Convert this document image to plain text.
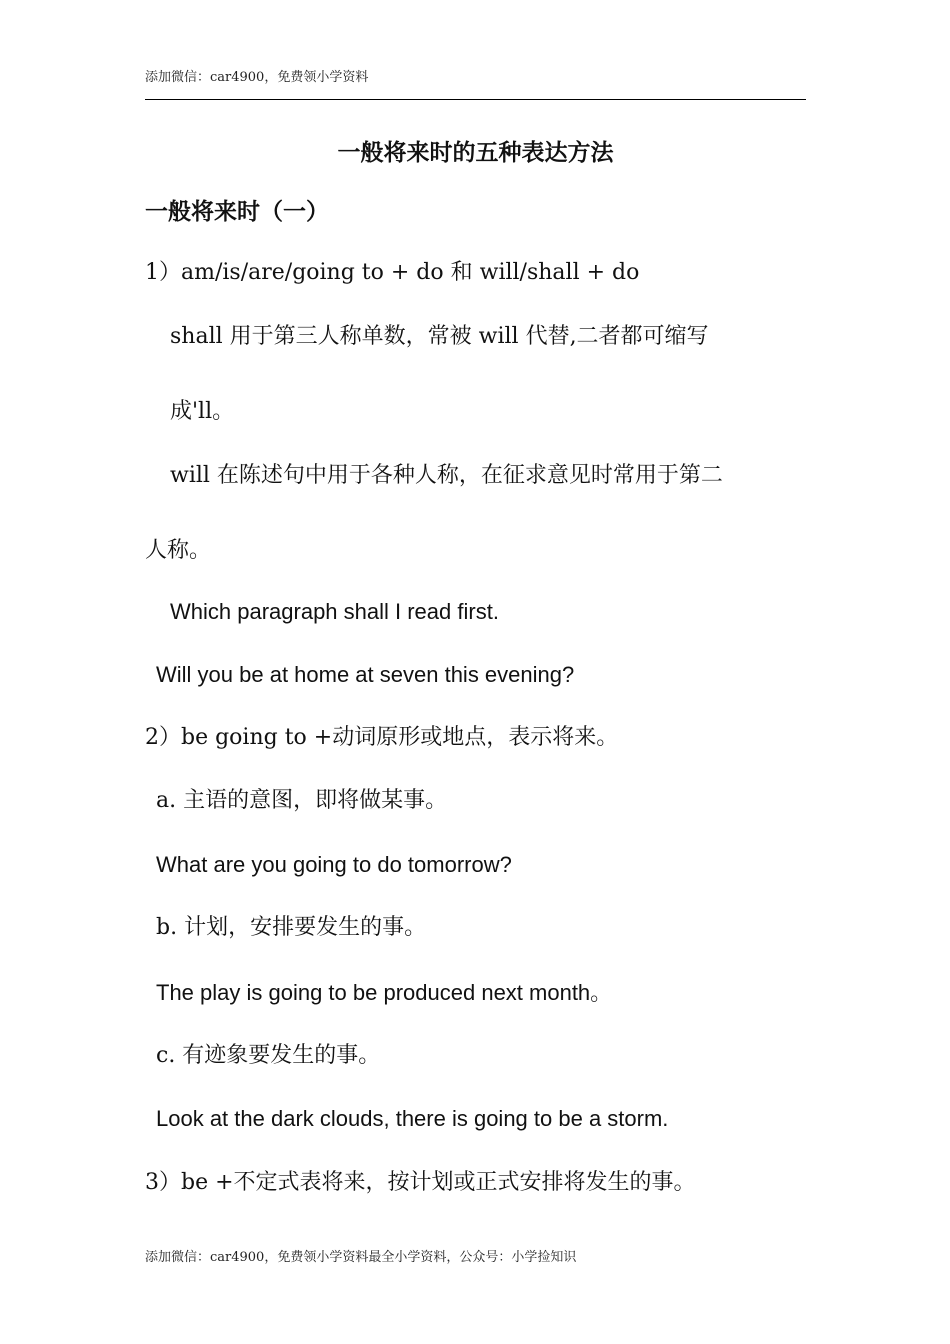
添加微信：car4900，免费领小学资料
一般将来时的五种表达方法
一般将来时（一）
1）am/is/are/going to + do 和 will/shall + do
shall 用于第三人称单数，常被 will 代替,二者都可缩写
成'll。
will 在陈述句中用于各种人称，在征求意见时常用于第二
人称。
Which paragraph shall I read first.
Will you be at home at seven this evening?
2）be going to +动词原形或地点，表示将来。
a. 主语的意图，即将做某事。
What are you going to do tomorrow?
b. 计划，安排要发生的事。
The play is going to be produced next month。
c. 有迹象要发生的事。
Look at the dark clouds, there is going to be a storm.
3）be +不定式表将来，按计划或正式安排将发生的事。
添加微信：car4900，免费领小学资料最全小学资料，公众号：小学捡知识
